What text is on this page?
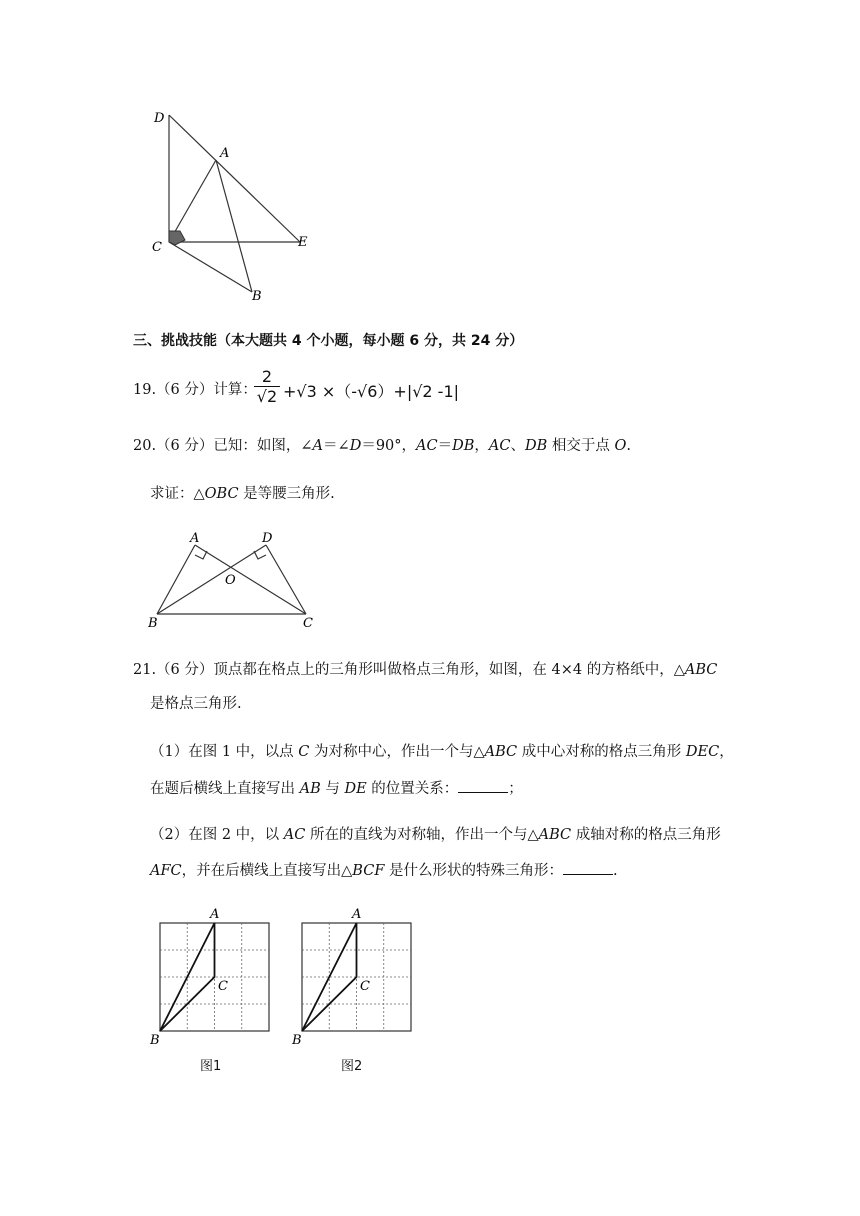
D
A
C	E
B
三、挑战技能（本大题共 4 个小题，每小题 6 分，共 24 分）
19.（6 分）计算：
$\frac{2}{√2} +√3 \times(-√6)+|√2$ -1|
20.（6 分）已知：如图，∠A＝∠D＝90°，AC＝DB，AC、DB 相交于点 O.
求证：△OBC 是等腰三角形.
A	D
O
B	C
21.（6 分）顶点都在格点上的三角形叫做格点三角形，如图，在 4×4 的方格纸中，△ABC
是格点三角形.
（1）在图 1 中，以点 C 为对称中心，作出一个与△ABC 成中心对称的格点三角形 DEC，
在题后横线上直接写出 AB 与 DE 的位置关系：	；
（2）在图 2 中，以 AC 所在的直线为对称轴，作出一个与△ABC 成轴对称的格点三角形
AFC，并在后横线上直接写出△BCF 是什么形状的特殊三角形：	.
A
C
B
图1
A
C
B
图2
